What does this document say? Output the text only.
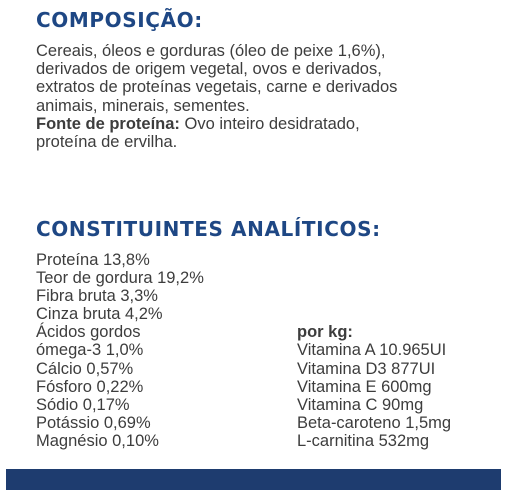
COMPOSIÇÃO:

Cereais, óleos e gorduras (óleo de peixe 1,6%),

derivados de origem vegetal, ovos e derivados,

extratos de proteínas vegetais, carne e derivados

animais, minerais, sementes.

Fonte de proteína: Ovo inteiro desidratado,

proteína de ervilha.

CONSTITUINTES ANALÍTICOS:
Proteína 13,8%
Teor de gordura 19,2%
Fibra bruta 3,3%
Cinza bruta 4,2%
Ácidos gordos
ómega-3 1,0%
Cálcio 0,57%
Fósforo 0,22%
Sódio 0,17%
Potássio 0,69%
Magnésio 0,10%
por kg:
Vitamina A 10.965UI
Vitamina D3 877UI
Vitamina E 600mg
Vitamina C 90mg
Beta-caroteno 1,5mg
L-carnitina 532mg
